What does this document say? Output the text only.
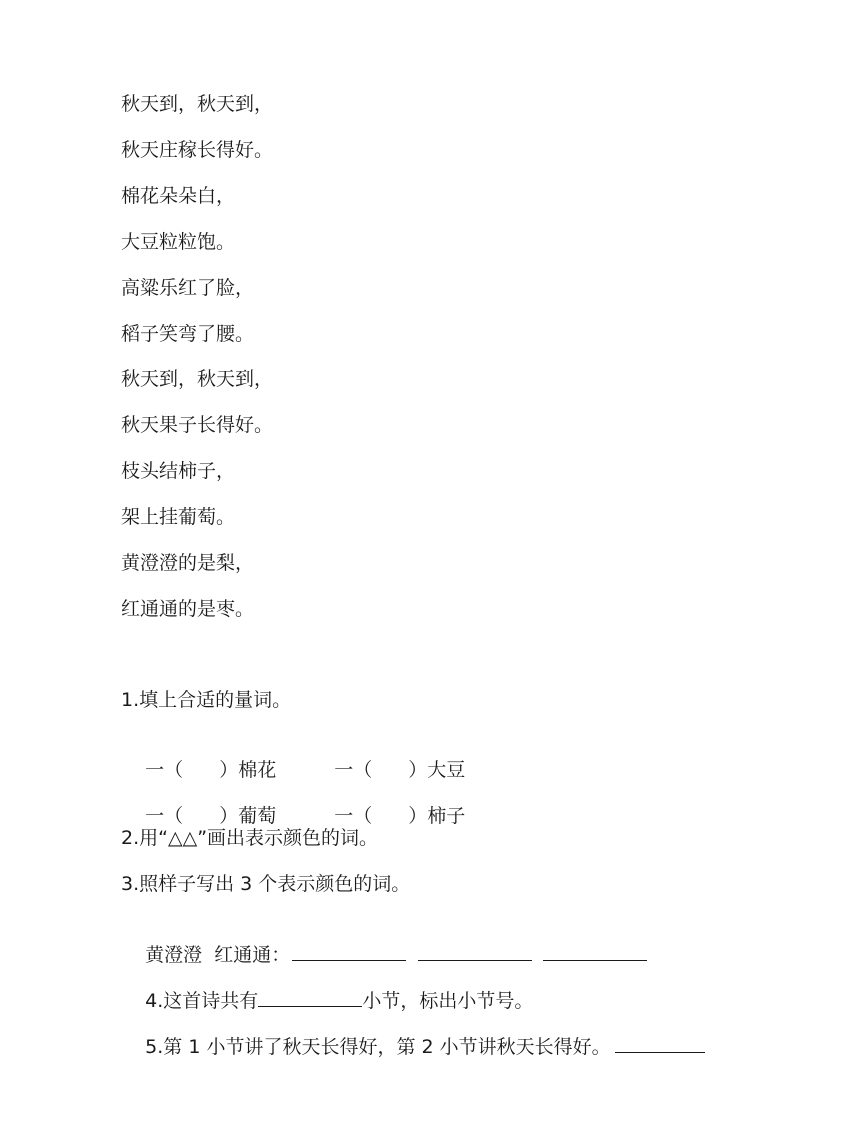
秋天到，秋天到，
秋天庄稼长得好。
棉花朵朵白，
大豆粒粒饱。
高粱乐红了脸，
稻子笑弯了腰。
秋天到，秋天到，
秋天果子长得好。
枝头结柿子，
架上挂葡萄。
黄澄澄的是梨，
红通通的是枣。
1.填上合适的量词。

一（ ）棉花	一（ ）大豆

一（ ）葡萄	一（ ）柿子

2.用“△△”画出表示颜色的词。
3.照样子写出 3 个表示颜色的词。

黄澄澄  红通通：

4.这首诗共有	小节，标出小节号。

5.第 1 小节讲了秋天长得好，第 2 小节讲秋天长得好。
